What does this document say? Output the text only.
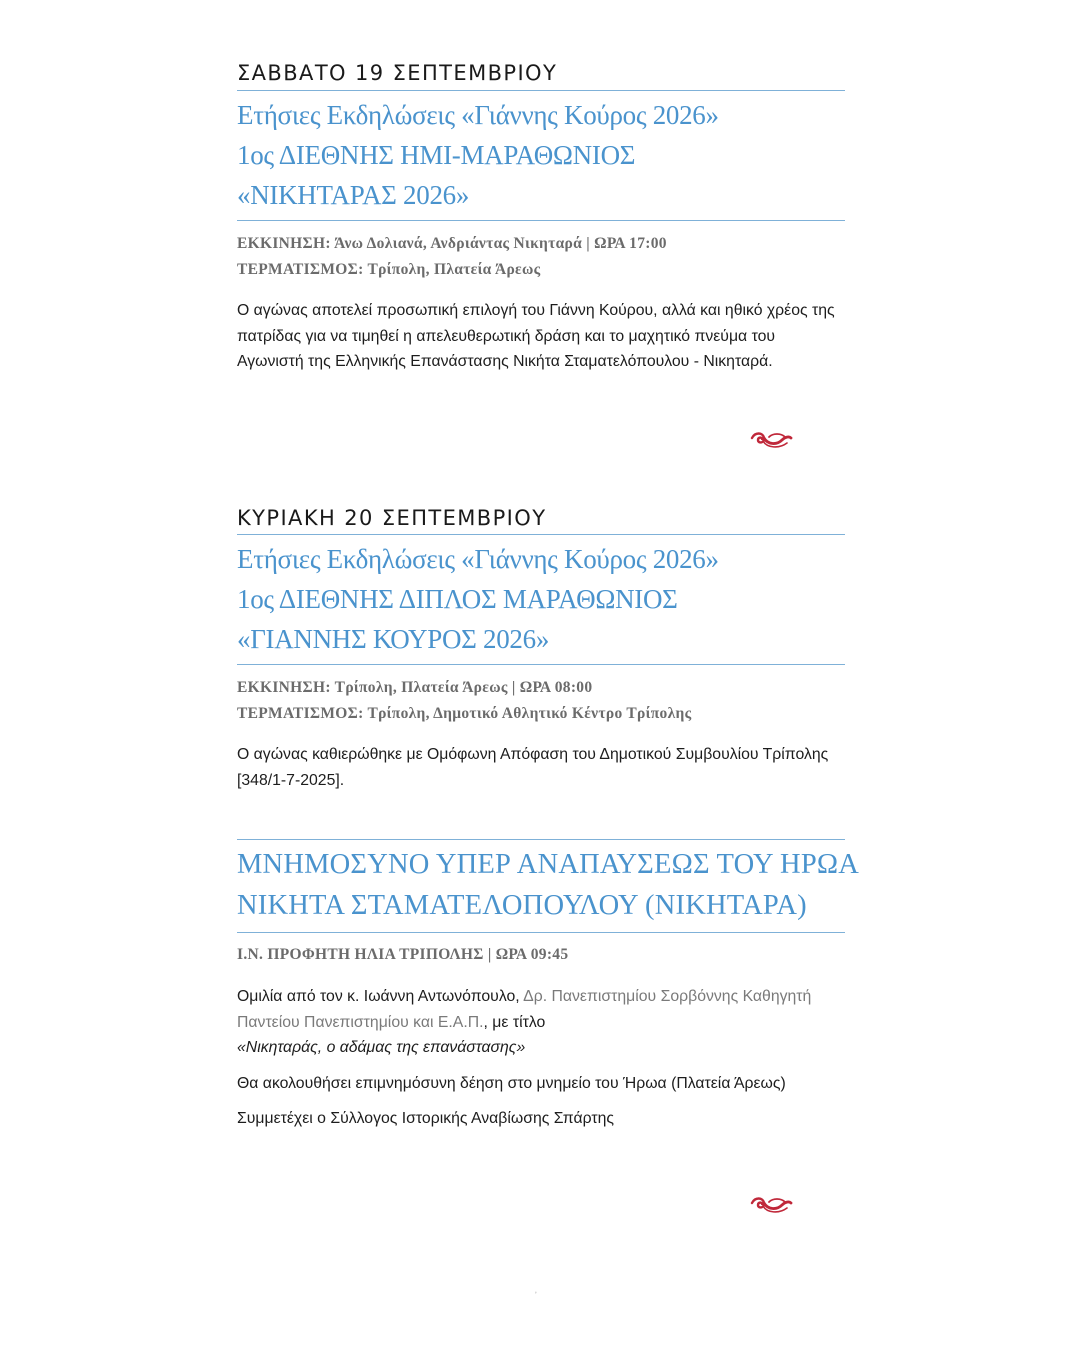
ΣΑΒΒΑΤΟ 19 ΣΕΠΤΕΜΒΡΙΟΥ
Ετήσιες Εκδηλώσεις «Γιάννης Κούρος 2026»
1ος ΔΙΕΘΝΗΣ ΗΜΙ-ΜΑΡΑΘΩΝΙΟΣ
«ΝΙΚΗΤΑΡΑΣ 2026»
ΕΚΚΙΝΗΣΗ: Άνω Δολιανά, Ανδριάντας Νικηταρά | ΩΡΑ 17:00
ΤΕΡΜΑΤΙΣΜΟΣ: Τρίπολη, Πλατεία Άρεως

Ο αγώνας αποτελεί προσωπική επιλογή του Γιάννη Κούρου, αλλά και ηθικό χρέος της πατρίδας για να τιμηθεί η απελευθερωτική δράση και το μαχητικό πνεύμα του Αγωνιστή της Ελληνικής Επανάστασης Νικήτα Σταματελόπουλου - Νικηταρά.

ΚΥΡΙΑΚΗ 20 ΣΕΠΤΕΜΒΡΙΟΥ
Ετήσιες Εκδηλώσεις «Γιάννης Κούρος 2026»
1ος ΔΙΕΘΝΗΣ ΔΙΠΛΟΣ ΜΑΡΑΘΩΝΙΟΣ
«ΓΙΑΝΝΗΣ ΚΟΥΡΟΣ 2026»
ΕΚΚΙΝΗΣΗ: Τρίπολη, Πλατεία Άρεως | ΩΡΑ 08:00
ΤΕΡΜΑΤΙΣΜΟΣ: Τρίπολη, Δημοτικό Αθλητικό Κέντρο Τρίπολης

Ο αγώνας καθιερώθηκε με Ομόφωνη Απόφαση του Δημοτικού Συμβουλίου Τρίπολης [348/1-7-2025].

ΜΝΗΜΟΣΥΝΟ ΥΠΕΡ ΑΝΑΠΑΥΣΕΩΣ ΤΟΥ ΗΡΩΑ
ΝΙΚΗΤΑ ΣΤΑΜΑΤΕΛΟΠΟΥΛΟΥ (ΝΙΚΗΤΑΡΑ)
Ι.Ν. ΠΡΟΦΗΤΗ ΗΛΙΑ ΤΡΙΠΟΛΗΣ | ΩΡΑ 09:45

Ομιλία από τον κ. Ιωάννη Αντωνόπουλο, Δρ. Πανεπιστημίου Σορβόννης Καθηγητή Παντείου Πανεπιστημίου και Ε.Α.Π., με τίτλο
«Νικηταράς, ο αδάμας της επανάστασης»

Θα ακολουθήσει επιμνημόσυνη δέηση στο μνημείο του Ήρωα (Πλατεία Άρεως)

Συμμετέχει ο Σύλλογος Ιστορικής Αναβίωσης Σπάρτης

ʼ
